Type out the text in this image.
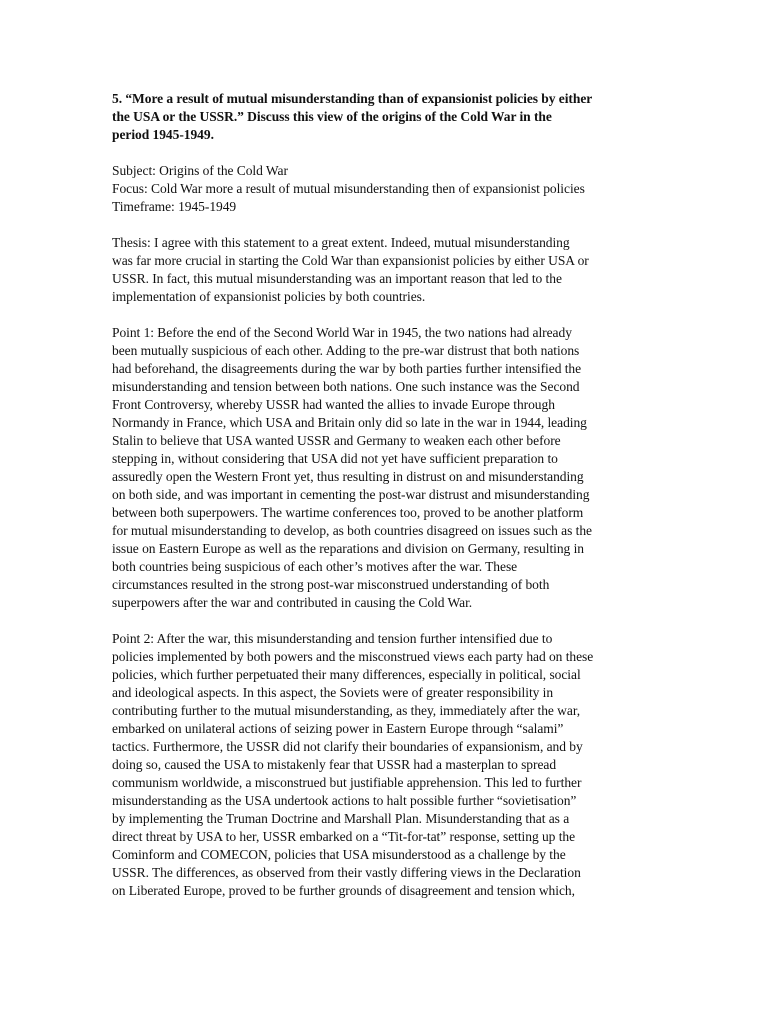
5. “More a result of mutual misunderstanding than of expansionist policies by either
the USA or the USSR.” Discuss this view of the origins of the Cold War in the
period 1945-1949.
Subject: Origins of the Cold War
Focus: Cold War more a result of mutual misunderstanding then of expansionist policies
Timeframe: 1945-1949
Thesis: I agree with this statement to a great extent. Indeed, mutual misunderstanding
was far more crucial in starting the Cold War than expansionist policies by either USA or
USSR. In fact, this mutual misunderstanding was an important reason that led to the
implementation of expansionist policies by both countries.
Point 1: Before the end of the Second World War in 1945, the two nations had already
been mutually suspicious of each other. Adding to the pre-war distrust that both nations
had beforehand, the disagreements during the war by both parties further intensified the
misunderstanding and tension between both nations. One such instance was the Second
Front Controversy, whereby USSR had wanted the allies to invade Europe through
Normandy in France, which USA and Britain only did so late in the war in 1944, leading
Stalin to believe that USA wanted USSR and Germany to weaken each other before
stepping in, without considering that USA did not yet have sufficient preparation to
assuredly open the Western Front yet, thus resulting in distrust on and misunderstanding
on both side, and was important in cementing the post-war distrust and misunderstanding
between both superpowers. The wartime conferences too, proved to be another platform
for mutual misunderstanding to develop, as both countries disagreed on issues such as the
issue on Eastern Europe as well as the reparations and division on Germany, resulting in
both countries being suspicious of each other’s motives after the war. These
circumstances resulted in the strong post-war misconstrued understanding of both
superpowers after the war and contributed in causing the Cold War.
Point 2: After the war, this misunderstanding and tension further intensified due to
policies implemented by both powers and the misconstrued views each party had on these
policies, which further perpetuated their many differences, especially in political, social
and ideological aspects. In this aspect, the Soviets were of greater responsibility in
contributing further to the mutual misunderstanding, as they, immediately after the war,
embarked on unilateral actions of seizing power in Eastern Europe through “salami”
tactics. Furthermore, the USSR did not clarify their boundaries of expansionism, and by
doing so, caused the USA to mistakenly fear that USSR had a masterplan to spread
communism worldwide, a misconstrued but justifiable apprehension. This led to further
misunderstanding as the USA undertook actions to halt possible further “sovietisation”
by implementing the Truman Doctrine and Marshall Plan. Misunderstanding that as a
direct threat by USA to her, USSR embarked on a “Tit-for-tat” response, setting up the
Cominform and COMECON, policies that USA misunderstood as a challenge by the
USSR. The differences, as observed from their vastly differing views in the Declaration
on Liberated Europe, proved to be further grounds of disagreement and tension which,
